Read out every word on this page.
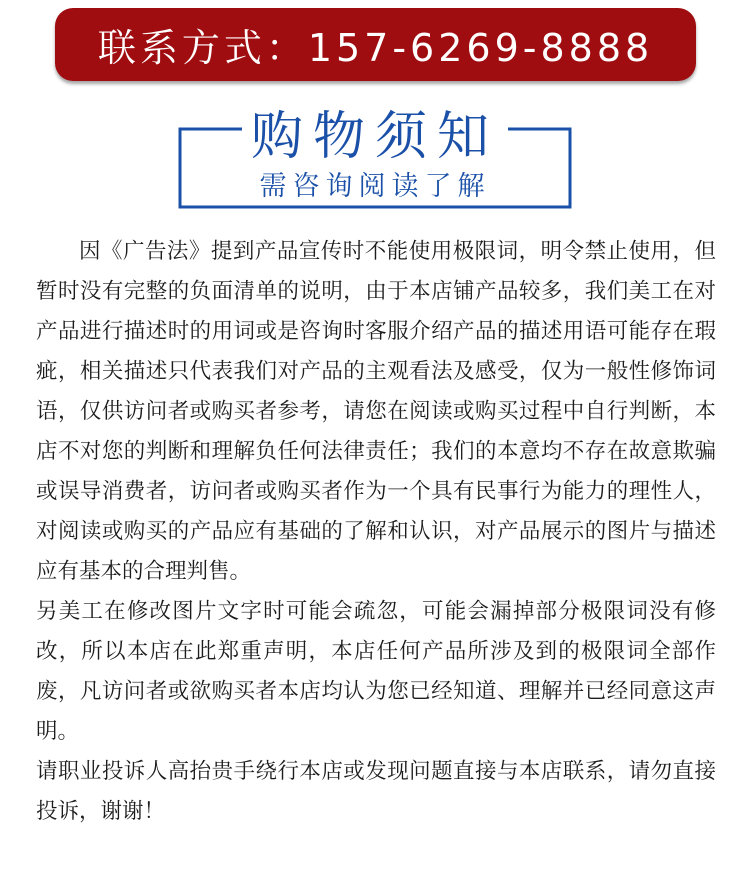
联系方式：157-6269-8888
购物须知
需咨询阅读了解

因《广告法》提到产品宣传时不能使用极限词，明令禁止使用，但暂时没有完整的负面清单的说明，由于本店铺产品较多，我们美工在对产品进行描述时的用词或是咨询时客服介绍产品的描述用语可能存在瑕疵，相关描述只代表我们对产品的主观看法及感受，仅为一般性修饰词语，仅供访问者或购买者参考，请您在阅读或购买过程中自行判断，本店不对您的判断和理解负任何法律责任；我们的本意均不存在故意欺骗或误导消费者，访问者或购买者作为一个具有民事行为能力的理性人，对阅读或购买的产品应有基础的了解和认识，对产品展示的图片与描述应有基本的合理判售。

另美工在修改图片文字时可能会疏忽，可能会漏掉部分极限词没有修改，所以本店在此郑重声明，本店任何产品所涉及到的极限词全部作废，凡访问者或欲购买者本店均认为您已经知道、理解并已经同意这声明。

请职业投诉人高抬贵手绕行本店或发现问题直接与本店联系，请勿直接投诉，谢谢！
